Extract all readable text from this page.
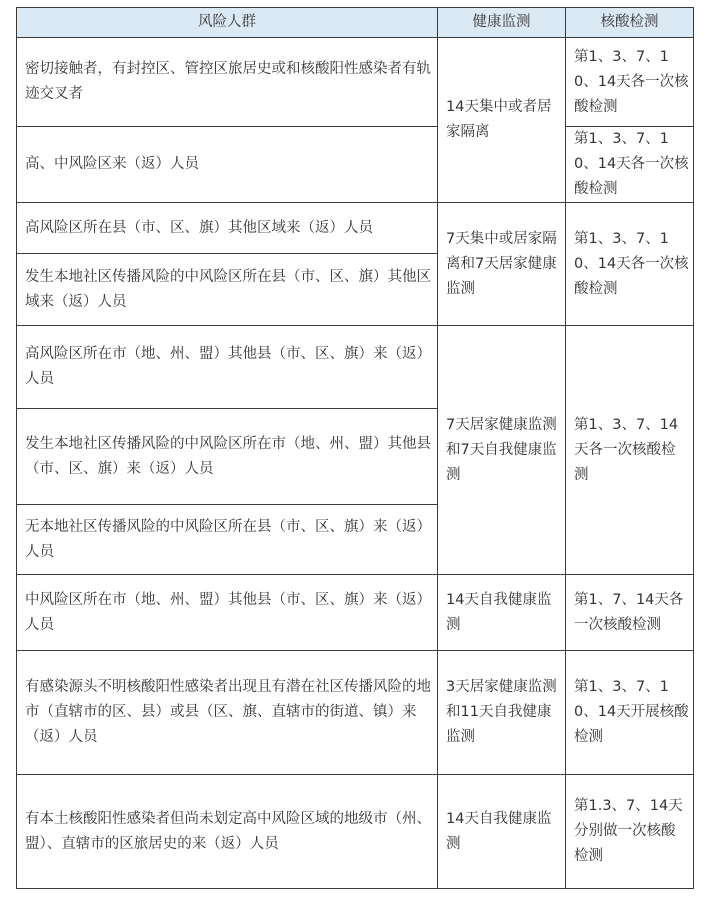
风险人群	健康监测	核酸检测
密切接触者，有封控区、管控区旅居史或和核酸阳性感染者有轨迹交叉者	14天集中或者居家隔离	第1、3、7、10、14天各一次核酸检测
高、中风险区来（返）人员		第1、3、7、10、14天各一次核酸检测
高风险区所在县（市、区、旗）其他区域来（返）人员	7天集中或居家隔离和7天居家健康监测	第1、3、7、10、14天各一次核酸检测
发生本地社区传播风险的中风险区所在县（市、区、旗）其他区域来（返）人员		
高风险区所在市（地、州、盟）其他县（市、区、旗）来（返）人员	7天居家健康监测和7天自我健康监测	第1、3、7、14天各一次核酸检测
发生本地社区传播风险的中风险区所在市（地、州、盟）其他县（市、区、旗）来（返）人员		
无本地社区传播风险的中风险区所在县（市、区、旗）来（返）人员		
中风险区所在市（地、州、盟）其他县（市、区、旗）来（返）人员	14天自我健康监测	第1、7、14天各一次核酸检测
有感染源头不明核酸阳性感染者出现且有潜在社区传播风险的地市（直辖市的区、县）或县（区、旗、直辖市的街道、镇）来（返）人员	3天居家健康监测和11天自我健康监测	第1、3、7、10、14天开展核酸检测
有本土核酸阳性感染者但尚未划定高中风险区域的地级市（州、盟）、直辖市的区旅居史的来（返）人员	14天自我健康监测	第1.3、7、14天分别做一次核酸检测
